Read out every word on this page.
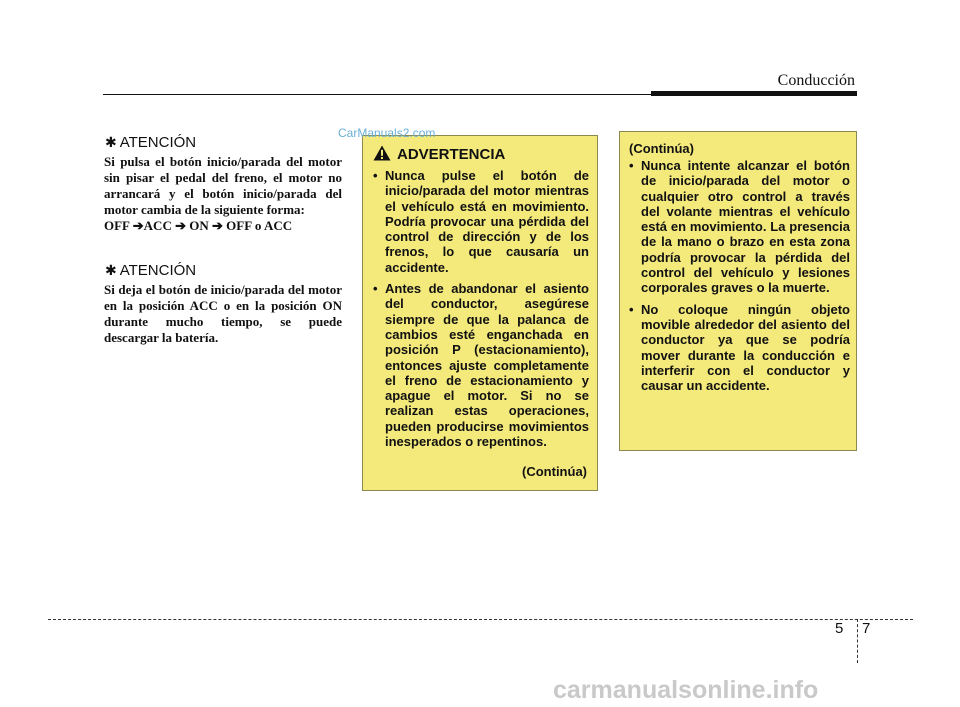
Conducción
✱ ATENCIÓN
Si pulsa el botón inicio/parada del motor sin pisar el pedal del freno, el motor no arrancará y el botón inicio/parada del motor cambia de la siguiente forma:
OFF ➔ACC ➔ ON ➔ OFF o ACC
✱ ATENCIÓN
Si deja el botón de inicio/parada del motor en la posición ACC o en la posición ON durante mucho tiempo, se puede descargar la batería.
ADVERTENCIA
• Nunca pulse el botón de inicio/parada del motor mientras el vehículo está en movimiento. Podría provocar una pérdida del control de dirección y de los frenos, lo que causaría un accidente.
• Antes de abandonar el asiento del conductor, asegúrese siempre de que la palanca de cambios esté enganchada en posición P (estacionamiento), entonces ajuste completamente el freno de estacionamiento y apague el motor. Si no se realizan estas operaciones, pueden producirse movimientos inesperados o repentinos.
(Continúa)
(Continúa)
• Nunca intente alcanzar el botón de inicio/parada del motor o cualquier otro control a través del volante mientras el vehículo está en movimiento. La presencia de la mano o brazo en esta zona podría provocar la pérdida del control del vehículo y lesiones corporales graves o la muerte.
• No coloque ningún objeto movible alrededor del asiento del conductor ya que se podría mover durante la conducción e interferir con el conductor y causar un accidente.
CarManuals2.com
5 7
carmanualsonline.info
